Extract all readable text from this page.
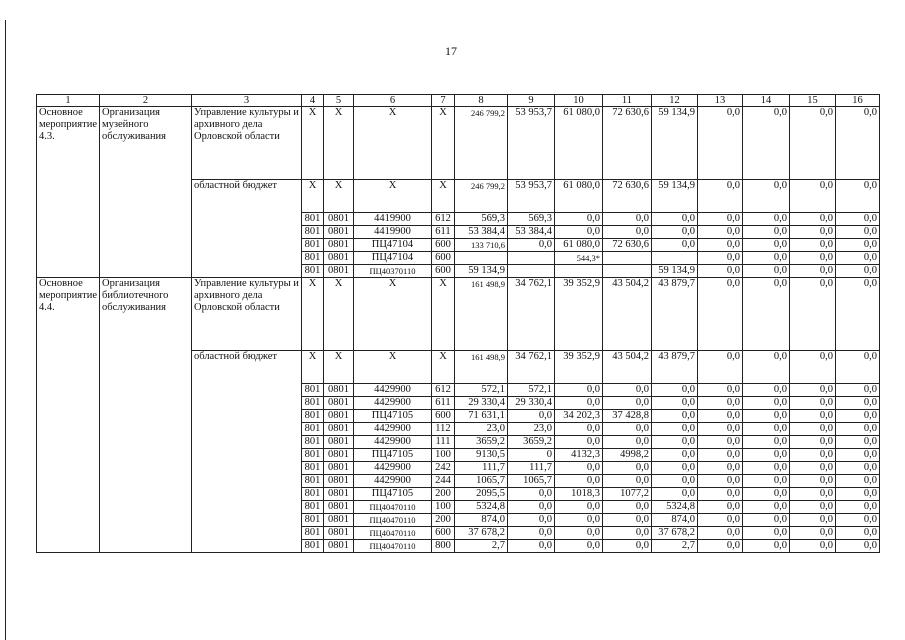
17
1	2	3	4	5	6	7	8	9	10	11	12	13	14	15	16
Основное мероприятие 4.3.	Организация музейного обслуживания	Управление культуры и архивного дела Орловской области	Х	Х	Х	Х	246 799,2	53 953,7	61 080,0	72 630,6	59 134,9	0,0	0,0	0,0	0,0
		областной бюджет	Х	Х	Х	Х	246 799,2	53 953,7	61 080,0	72 630,6	59 134,9	0,0	0,0	0,0	0,0
			801	0801	4419900	612	569,3	569,3	0,0	0,0	0,0	0,0	0,0	0,0	0,0
			801	0801	4419900	611	53 384,4	53 384,4	0,0	0,0	0,0	0,0	0,0	0,0	0,0
			801	0801	ПЦ47104	600	133 710,6	0,0	61 080,0	72 630,6	0,0	0,0	0,0	0,0	0,0
			801	0801	ПЦ47104	600			544,3*			0,0	0,0	0,0	0,0
			801	0801	ПЦ40370110	600	59 134,9				59 134,9	0,0	0,0	0,0	0,0
Основное мероприятие 4.4.	Организация библиотечного обслуживания	Управление культуры и архивного дела Орловской области	Х	Х	Х	Х	161 498,9	34 762,1	39 352,9	43 504,2	43 879,7	0,0	0,0	0,0	0,0
		областной бюджет	Х	Х	Х	Х	161 498,9	34 762,1	39 352,9	43 504,2	43 879,7	0,0	0,0	0,0	0,0
			801	0801	4429900	612	572,1	572,1	0,0	0,0	0,0	0,0	0,0	0,0	0,0
			801	0801	4429900	611	29 330,4	29 330,4	0,0	0,0	0,0	0,0	0,0	0,0	0,0
			801	0801	ПЦ47105	600	71 631,1	0,0	34 202,3	37 428,8	0,0	0,0	0,0	0,0	0,0
			801	0801	4429900	112	23,0	23,0	0,0	0,0	0,0	0,0	0,0	0,0	0,0
			801	0801	4429900	111	3659,2	3659,2	0,0	0,0	0,0	0,0	0,0	0,0	0,0
			801	0801	ПЦ47105	100	9130,5	0	4132,3	4998,2	0,0	0,0	0,0	0,0	0,0
			801	0801	4429900	242	111,7	111,7	0,0	0,0	0,0	0,0	0,0	0,0	0,0
			801	0801	4429900	244	1065,7	1065,7	0,0	0,0	0,0	0,0	0,0	0,0	0,0
			801	0801	ПЦ47105	200	2095,5	0,0	1018,3	1077,2	0,0	0,0	0,0	0,0	0,0
			801	0801	ПЦ40470110	100	5324,8	0,0	0,0	0,0	5324,8	0,0	0,0	0,0	0,0
			801	0801	ПЦ40470110	200	874,0	0,0	0,0	0,0	874,0	0,0	0,0	0,0	0,0
			801	0801	ПЦ40470110	600	37 678,2	0,0	0,0	0,0	37 678,2	0,0	0,0	0,0	0,0
			801	0801	ПЦ40470110	800	2,7	0,0	0,0	0,0	2,7	0,0	0,0	0,0	0,0
